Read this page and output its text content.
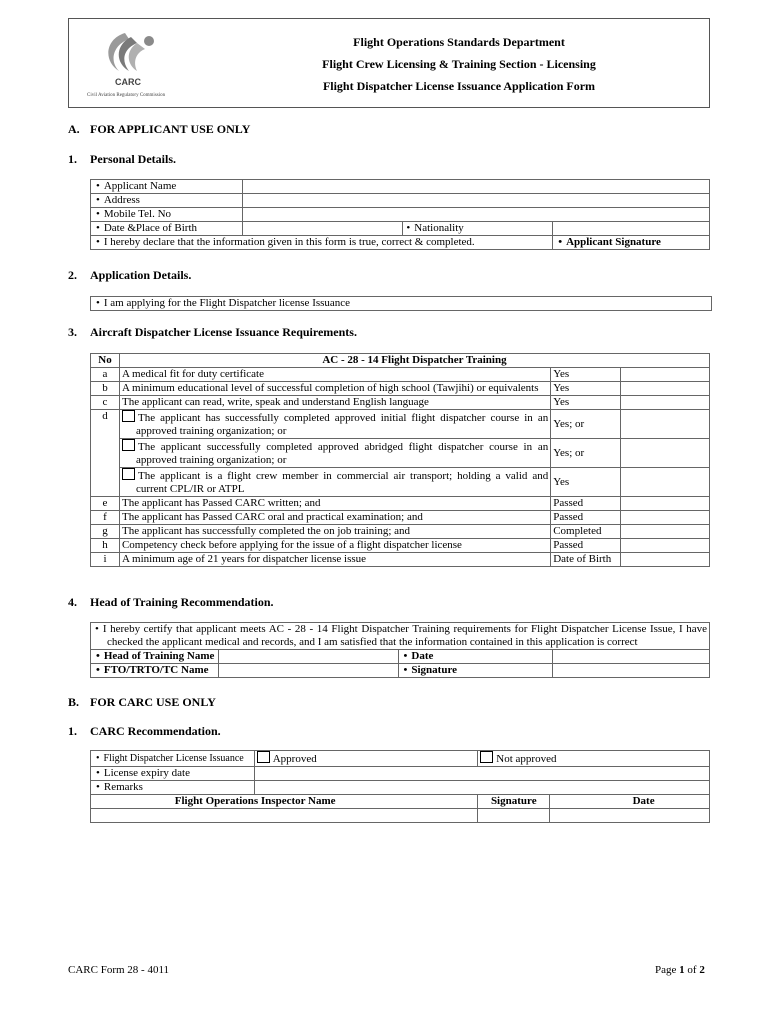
CARC
Civil Aviation Regulatory Commission
Flight Operations Standards Department
Flight Crew Licensing & Training Section - Licensing
Flight Dispatcher License Issuance Application Form
A. FOR APPLICANT USE ONLY
1. Personal Details.
• Applicant Name	
• Address	
• Mobile Tel. No	
• Date &Place of Birth		• Nationality	
• I hereby declare that the information given in this form is true, correct & completed.			• Applicant Signature
2. Application Details.
• I am applying for the Flight Dispatcher license Issuance
3. Aircraft Dispatcher License Issuance Requirements.
No	AC - 28 - 14 Flight Dispatcher Training		
a	A medical fit for duty certificate	Yes	
b	A minimum educational level of successful completion of high school (Tawjihi) or equivalents	Yes	
c	The applicant can read, write, speak and understand English language	Yes	
d	The applicant has successfully completed approved initial flight dispatcher course in an approved training organization; or	Yes; or	
	The applicant successfully completed approved abridged flight dispatcher course in an approved training organization; or	Yes; or	
	The applicant is a flight crew member in commercial air transport; holding a valid and current CPL/IR or ATPL	Yes	
e	The applicant has Passed CARC written; and	Passed	
f	The applicant has Passed CARC oral and practical examination; and	Passed	
g	The applicant has successfully completed the on job training; and	Completed	
h	Competency check before applying for the issue of a flight dispatcher license	Passed	
i	A minimum age of 21 years for dispatcher license issue	Date of Birth	
4. Head of Training Recommendation.
• I hereby certify that applicant meets AC - 28 - 14 Flight Dispatcher Training requirements for Flight Dispatcher License Issue, I have checked the applicant medical and records, and I am satisfied that the information contained in this application is correct
• Head of Training Name		• Date	
• FTO/TRTO/TC Name		• Signature	
B. FOR CARC USE ONLY
1. CARC Recommendation.
• Flight Dispatcher License Issuance	Approved	Not approved	
• License expiry date	
• Remarks	
Flight Operations Inspector Name		Signature	Date

CARC Form 28 - 4011	Page 1 of 2
